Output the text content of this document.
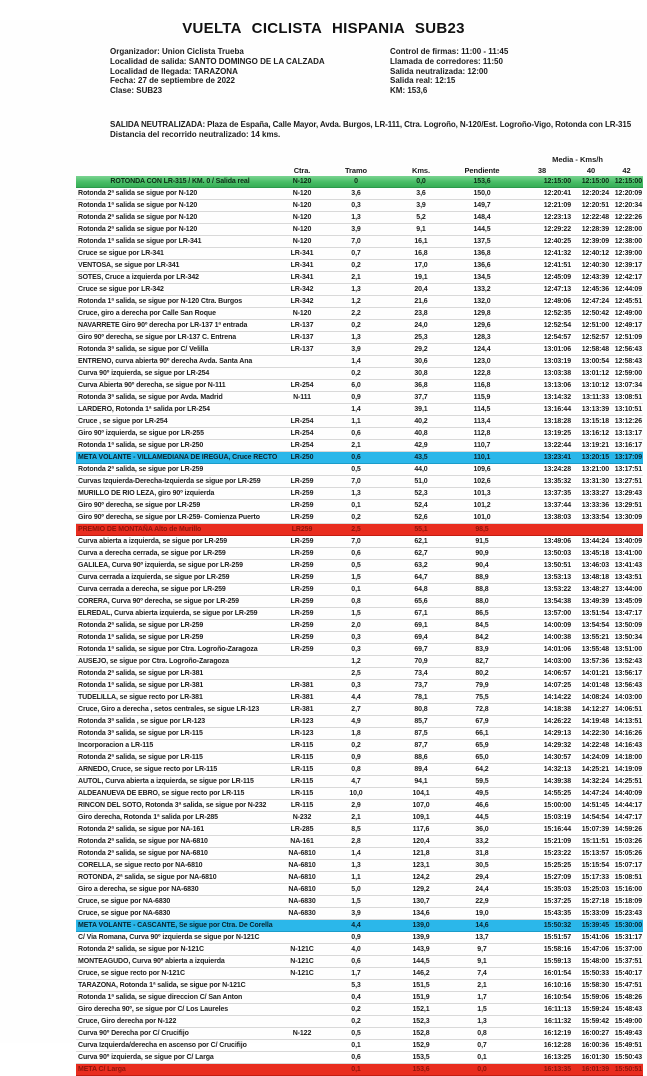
VUELTA CICLISTA HISPANIA SUB23
Organizador: Union Ciclista Trueba
Localidad de salida: SANTO DOMINGO DE LA CALZADA
Localidad de llegada: TARAZONA
Fecha: 27 de septiembre de 2022
Clase: SUB23
Control de firmas: 11:00 - 11:45
Llamada de corredores: 11:50
Salida neutralizada: 12:00
Salida real: 12:15
KM: 153,6
SALIDA NEUTRALIZADA: Plaza de España, Calle Mayor, Avda. Burgos, LR-111, Ctra. Logroño, N-120/Est. Logroño-Vigo, Rotonda con LR-315
Distancia del recorrido neutralizado: 14 kms.
Media - Kms/h
Ctra.	Tramo	Kms.	Pendiente	38	40	42
ROTONDA CON LR-315 / KM. 0 / Salida real	N-120	0	0,0	153,6	12:15:00	12:15:00 12:15:00
Rotonda 2ª salida se sigue por N-120	N-120	3,6	3,6	150,0	12:20:41	12:20:24 12:20:09
Rotonda 1ª salida se sigue por N-120	N-120	0,3	3,9	149,7	12:21:09	12:20:51 12:20:34
Rotonda 2ª salida se sigue por N-120	N-120	1,3	5,2	148,4	12:23:13	12:22:48 12:22:26
Rotonda 2ª salida se sigue por N-120	N-120	3,9	9,1	144,5	12:29:22	12:28:39 12:28:00
Rotonda 1ª salida se sigue por LR-341	N-120	7,0	16,1	137,5	12:40:25	12:39:09 12:38:00
Cruce se sigue por LR-341	LR-341	0,7	16,8	136,8	12:41:32	12:40:12 12:39:00
VENTOSA, se sigue por LR-341	LR-341	0,2	17,0	136,6	12:41:51	12:40:30 12:39:17
SOTES, Cruce a izquierda por LR-342	LR-341	2,1	19,1	134,5	12:45:09	12:43:39 12:42:17
Cruce se sigue por LR-342	LR-342	1,3	20,4	133,2	12:47:13	12:45:36 12:44:09
Rotonda 1ª salida, se sigue por N-120 Ctra. Burgos	LR-342	1,2	21,6	132,0	12:49:06	12:47:24 12:45:51
Cruce, giro a derecha por Calle San Roque	N-120	2,2	23,8	129,8	12:52:35	12:50:42 12:49:00
NAVARRETE Giro 90º derecha por LR-137 1ª entrada	LR-137	0,2	24,0	129,6	12:52:54	12:51:00 12:49:17
Giro 90º derecha, se sigue por LR-137 C. Entrena	LR-137	1,3	25,3	128,3	12:54:57	12:52:57 12:51:09
Rotonda 3ª salida, se sigue por C/ Velilla	LR-137	3,9	29,2	124,4	13:01:06	12:58:48 12:56:43
ENTRENO, curva abierta 90º derecha Avda. Santa Ana	1,4	30,6	123,0	13:03:19	13:00:54 12:58:43
Curva 90º izquierda, se sigue por LR-254	0,2	30,8	122,8	13:03:38	13:01:12 12:59:00
Curva Abierta 90º derecha, se sigue por N-111	LR-254	6,0	36,8	116,8	13:13:06	13:10:12 13:07:34
Rotonda 3ª salida, se sigue por Avda. Madrid	N-111	0,9	37,7	115,9	13:14:32	13:11:33 13:08:51
LARDERO, Rotonda 1ª salida por LR-254	1,4	39,1	114,5	13:16:44	13:13:39 13:10:51
Cruce , se sigue por LR-254	LR-254	1,1	40,2	113,4	13:18:28	13:15:18 13:12:26
Giro 90º izquierda, se sigue por LR-255	LR-254	0,6	40,8	112,8	13:19:25	13:16:12 13:13:17
Rotonda 1ª salida, se sigue por LR-250	LR-254	2,1	42,9	110,7	13:22:44	13:19:21 13:16:17
META VOLANTE - VILLAMEDIANA DE IREGUA, Cruce RECTO	LR-250	0,6	43,5	110,1	13:23:41	13:20:15 13:17:09
Rotonda 2ª salida, se sigue por LR-259	0,5	44,0	109,6	13:24:28	13:21:00 13:17:51
Curvas Izquierda-Derecha-Izquierda se sigue por LR-259	LR-259	7,0	51,0	102,6	13:35:32	13:31:30 13:27:51
MURILLO DE RIO LEZA, giro 90º izquierda	LR-259	1,3	52,3	101,3	13:37:35	13:33:27 13:29:43
Giro 90º derecha, se sigue por LR-259	LR-259	0,1	52,4	101,2	13:37:44	13:33:36 13:29:51
Giro 90º derecha, se sigue por LR-259- Comienza Puerto	LR-259	0,2	52,6	101,0	13:38:03	13:33:54 13:30:09
PREMIO DE MONTAÑA Alto de Murillo	LR259	2,5	55,1	98,5
Curva abierta a izquierda, se sigue por LR-259	LR-259	7,0	62,1	91,5	13:49:06	13:44:24 13:40:09
Curva a derecha cerrada, se sigue por LR-259	LR-259	0,6	62,7	90,9	13:50:03	13:45:18 13:41:00
GALILEA, Curva 90º izquierda, se sigue por LR-259	LR-259	0,5	63,2	90,4	13:50:51	13:46:03 13:41:43
Curva cerrada a izquierda, se sigue por LR-259	LR-259	1,5	64,7	88,9	13:53:13	13:48:18 13:43:51
Curva cerrada a derecha, se sigue por LR-259	LR-259	0,1	64,8	88,8	13:53:22	13:48:27 13:44:00
CORERA, Curva 90º derecha, se sigue por LR-259	LR-259	0,8	65,6	88,0	13:54:38	13:49:39 13:45:09
ELREDAL, Curva abierta izquierda, se sigue por LR-259	LR-259	1,5	67,1	86,5	13:57:00	13:51:54 13:47:17
Rotonda 2ª salida, se sigue por LR-259	LR-259	2,0	69,1	84,5	14:00:09	13:54:54 13:50:09
Rotonda 1ª salida, se sigue por LR-259	LR-259	0,3	69,4	84,2	14:00:38	13:55:21 13:50:34
Rotonda 1ª salida, se sigue por Ctra. Logroño-Zaragoza	LR-259	0,3	69,7	83,9	14:01:06	13:55:48 13:51:00
AUSEJO, se sigue por Ctra. Logroño-Zaragoza	1,2	70,9	82,7	14:03:00	13:57:36 13:52:43
Rotonda 2ª salida, se sigue por LR-381	2,5	73,4	80,2	14:06:57	14:01:21 13:56:17
Rotonda 1ª salida, se sigue por LR-381	LR-381	0,3	73,7	79,9	14:07:25	14:01:48 13:56:43
TUDELILLA, se sigue recto por LR-381	LR-381	4,4	78,1	75,5	14:14:22	14:08:24 14:03:00
Cruce, Giro a derecha , setos centrales, se sigue LR-123	LR-381	2,7	80,8	72,8	14:18:38	14:12:27 14:06:51
Rotonda 3ª salida , se sigue por LR-123	LR-123	4,9	85,7	67,9	14:26:22	14:19:48 14:13:51
Rotonda 3ª salida, se sigue por LR-115	LR-123	1,8	87,5	66,1	14:29:13	14:22:30 14:16:26
Incorporacion a LR-115	LR-115	0,2	87,7	65,9	14:29:32	14:22:48 14:16:43
Rotonda 2ª salida, se sigue por LR-115	LR-115	0,9	88,6	65,0	14:30:57	14:24:09 14:18:00
ARNEDO, Cruce, se sigue recto por LR-115	LR-115	0,8	89,4	64,2	14:32:13	14:25:21 14:19:09
AUTOL, Curva abierta a izquierda, se sigue por LR-115	LR-115	4,7	94,1	59,5	14:39:38	14:32:24 14:25:51
ALDEANUEVA DE EBRO, se sigue recto por LR-115	LR-115	10,0	104,1	49,5	14:55:25	14:47:24 14:40:09
RINCON DEL SOTO, Rotonda 3ª salida, se sigue por N-232	LR-115	2,9	107,0	46,6	15:00:00	14:51:45 14:44:17
Giro derecha, Rotonda 1ª salida por LR-285	N-232	2,1	109,1	44,5	15:03:19	14:54:54 14:47:17
Rotonda 2ª salida, se sigue por NA-161	LR-285	8,5	117,6	36,0	15:16:44	15:07:39 14:59:26
Rotonda 2ª salida, se sigue por NA-6810	NA-161	2,8	120,4	33,2	15:21:09	15:11:51 15:03:26
Rotonda 2ª salida, se sigue por NA-6810	NA-6810	1,4	121,8	31,8	15:23:22	15:13:57 15:05:26
CORELLA, se sigue recto por NA-6810	NA-6810	1,3	123,1	30,5	15:25:25	15:15:54 15:07:17
ROTONDA, 2ª salida, se sigue por NA-6810	NA-6810	1,1	124,2	29,4	15:27:09	15:17:33 15:08:51
Giro a derecha, se sigue por NA-6830	NA-6810	5,0	129,2	24,4	15:35:03	15:25:03 15:16:00
Cruce, se sigue por NA-6830	NA-6830	1,5	130,7	22,9	15:37:25	15:27:18 15:18:09
Cruce, se sigue por NA-6830	NA-6830	3,9	134,6	19,0	15:43:35	15:33:09 15:23:43
META VOLANTE - CASCANTE, Se sigue por Ctra. De Corella	4,4	139,0	14,6	15:50:32	15:39:45 15:30:00
C/ Via Romana, Curva 90º izquierda se sigue por N-121C	0,9	139,9	13,7	15:51:57	15:41:06 15:31:17
Rotonda 2ª salida, se sigue por N-121C	N-121C	4,0	143,9	9,7	15:58:16	15:47:06 15:37:00
MONTEAGUDO, Curva 90º abierta a izquierda	N-121C	0,6	144,5	9,1	15:59:13	15:48:00 15:37:51
Cruce, se sigue recto por N-121C	N-121C	1,7	146,2	7,4	16:01:54	15:50:33 15:40:17
TARAZONA, Rotonda 1ª salida, se sigue por N-121C	5,3	151,5	2,1	16:10:16	15:58:30 15:47:51
Rotonda 1ª salida, se sigue direccion C/ San Anton	0,4	151,9	1,7	16:10:54	15:59:06 15:48:26
Giro derecha 90º, se sigue por C/ Los Laureles	0,2	152,1	1,5	16:11:13	15:59:24 15:48:43
Cruce, Giro derecha por N-122	0,2	152,3	1,3	16:11:32	15:59:42 15:49:00
Curva 90º Derecha por C/ Crucifijo	N-122	0,5	152,8	0,8	16:12:19	16:00:27 15:49:43
Curva Izquierda/derecha en ascenso por C/ Crucifijo	0,1	152,9	0,7	16:12:28	16:00:36 15:49:51
Curva 90º izquierda, se sigue por C/ Larga	0,6	153,5	0,1	16:13:25	16:01:30 15:50:43
META C/ Larga	0,1	153,6	0,0	16:13:35	16:01:39 15:50:51
